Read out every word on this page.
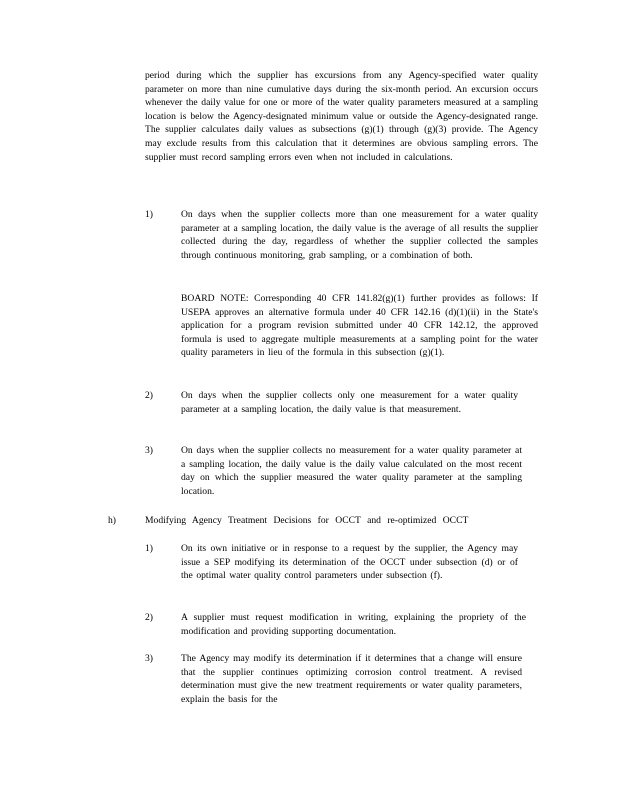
period during which the supplier has excursions from any Agency-specified water quality parameter on more than nine cumulative days during the six-month period. An excursion occurs whenever the daily value for one or more of the water quality parameters measured at a sampling location is below the Agency-designated minimum value or outside the Agency-designated range. The supplier calculates daily values as subsections (g)(1) through (g)(3) provide. The Agency may exclude results from this calculation that it determines are obvious sampling errors. The supplier must record sampling errors even when not included in calculations.

1)	On days when the supplier collects more than one measurement for a water quality parameter at a sampling location, the daily value is the average of all results the supplier collected during the day, regardless of whether the supplier collected the samples through continuous monitoring, grab sampling, or a combination of both.

BOARD NOTE: Corresponding 40 CFR 141.82(g)(1) further provides as follows: If USEPA approves an alternative formula under 40 CFR 142.16 (d)(1)(ii) in the State's application for a program revision submitted under 40 CFR 142.12, the approved formula is used to aggregate multiple measurements at a sampling point for the water quality parameters in lieu of the formula in this subsection (g)(1).

2)	On days when the supplier collects only one measurement for a water quality parameter at a sampling location, the daily value is that measurement.

3)	On days when the supplier collects no measurement for a water quality parameter at a sampling location, the daily value is the daily value calculated on the most recent day on which the supplier measured the water quality parameter at the sampling location.

h)	Modifying Agency Treatment Decisions for OCCT and re-optimized OCCT
1)	On its own initiative or in response to a request by the supplier, the Agency may issue a SEP modifying its determination of the OCCT under subsection (d) or of the optimal water quality control parameters under subsection (f).

2)	A supplier must request modification in writing, explaining the propriety of the modification and providing supporting documentation.

3)	The Agency may modify its determination if it determines that a change will ensure that the supplier continues optimizing corrosion control treatment. A revised determination must give the new treatment requirements or water quality parameters, explain the basis for the
